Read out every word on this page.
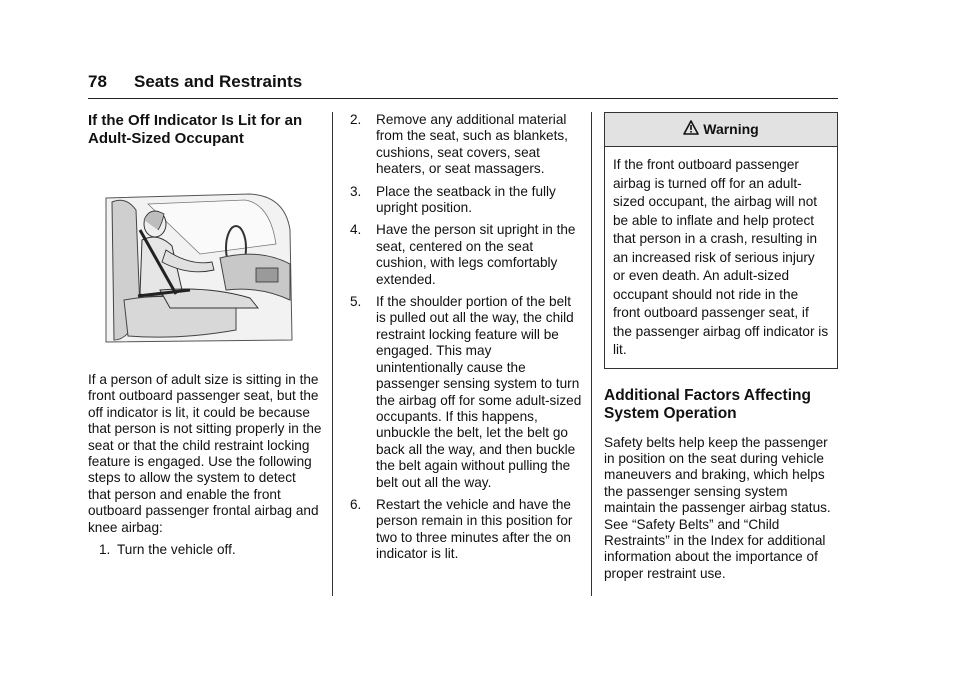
78 Seats and Restraints
If the Off Indicator Is Lit for an Adult-Sized Occupant

If a person of adult size is sitting in the front outboard passenger seat, but the off indicator is lit, it could be because that person is not sitting properly in the seat or that the child restraint locking feature is engaged. Use the following steps to allow the system to detect that person and enable the front outboard passenger frontal airbag and knee airbag:

1. Turn the vehicle off.
2.	Remove any additional material from the seat, such as blankets, cushions, seat covers, seat heaters, or seat massagers.
3.	Place the seatback in the fully upright position.
4.	Have the person sit upright in the seat, centered on the seat cushion, with legs comfortably extended.
5.	If the shoulder portion of the belt is pulled out all the way, the child restraint locking feature will be engaged. This may unintentionally cause the passenger sensing system to turn the airbag off for some adult-sized occupants. If this happens, unbuckle the belt, let the belt go back all the way, and then buckle the belt again without pulling the belt out all the way.
6.	Restart the vehicle and have the person remain in this position for two to three minutes after the on indicator is lit.
Warning
If the front outboard passenger airbag is turned off for an adult-sized occupant, the airbag will not be able to inflate and help protect that person in a crash, resulting in an increased risk of serious injury or even death. An adult-sized occupant should not ride in the front outboard passenger seat, if the passenger airbag off indicator is lit.
Additional Factors Affecting System Operation

Safety belts help keep the passenger in position on the seat during vehicle maneuvers and braking, which helps the passenger sensing system maintain the passenger airbag status. See “Safety Belts” and “Child Restraints” in the Index for additional information about the importance of proper restraint use.
